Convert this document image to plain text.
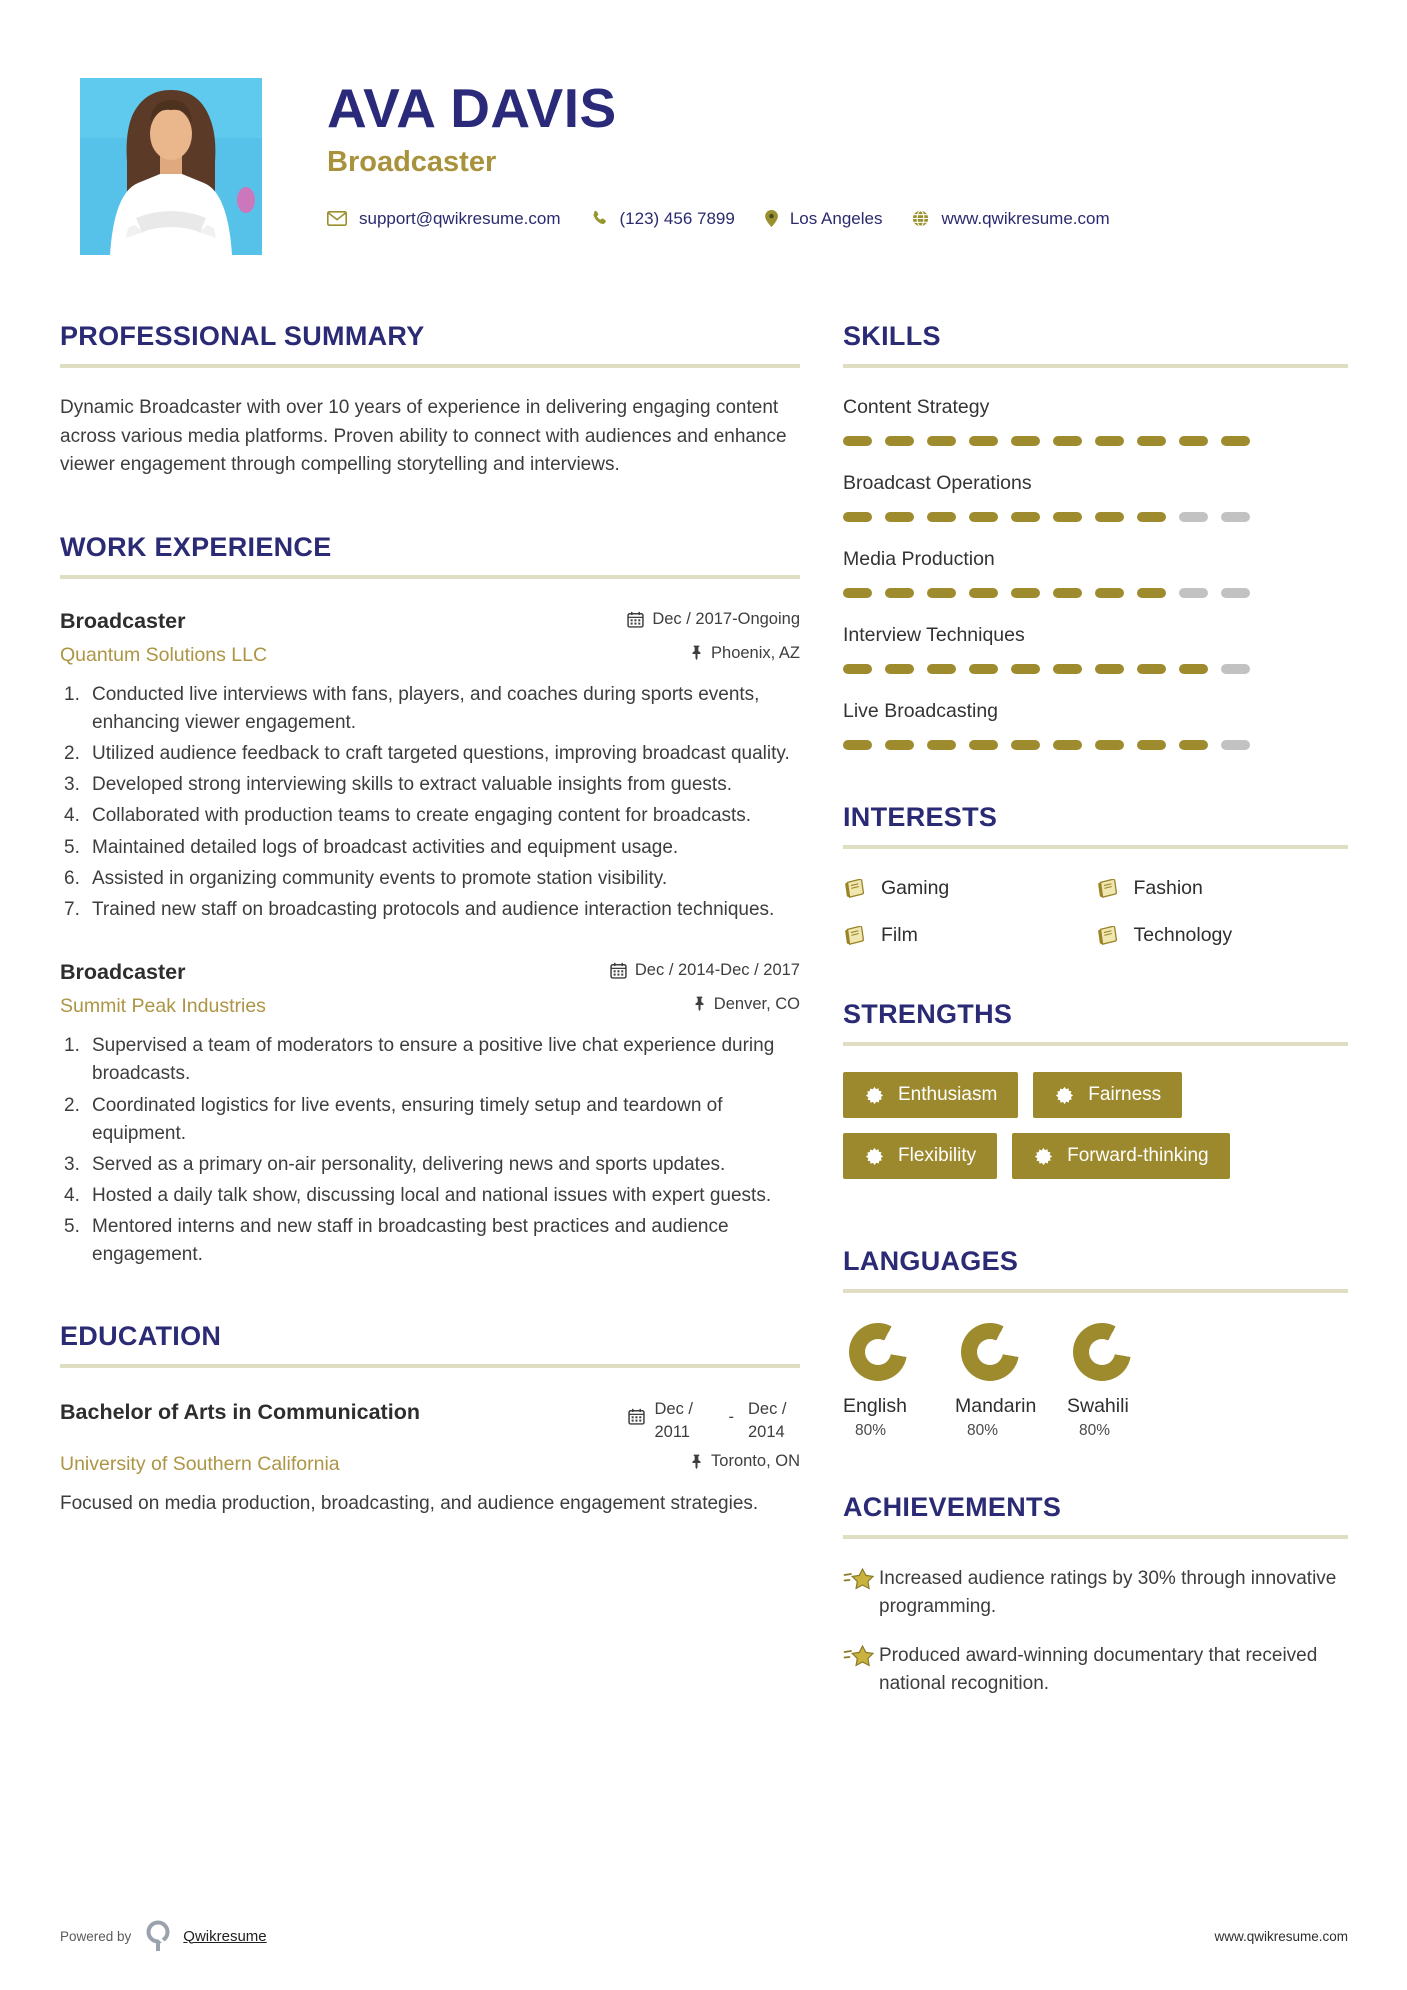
AVA DAVIS
Broadcaster
support@qwikresume.com	(123) 456 7899	Los Angeles	www.qwikresume.com
PROFESSIONAL SUMMARY

Dynamic Broadcaster with over 10 years of experience in delivering engaging content across various media platforms. Proven ability to connect with audiences and enhance viewer engagement through compelling storytelling and interviews.

WORK EXPERIENCE
Broadcaster	Dec / 2017-Ongoing
Quantum Solutions LLC	Phoenix, AZ
Conducted live interviews with fans, players, and coaches during sports events, enhancing viewer engagement.
Utilized audience feedback to craft targeted questions, improving broadcast quality.
Developed strong interviewing skills to extract valuable insights from guests.
Collaborated with production teams to create engaging content for broadcasts.
Maintained detailed logs of broadcast activities and equipment usage.
Assisted in organizing community events to promote station visibility.
Trained new staff on broadcasting protocols and audience interaction techniques.
Broadcaster	Dec / 2014-Dec / 2017
Summit Peak Industries	Denver, CO
Supervised a team of moderators to ensure a positive live chat experience during broadcasts.
Coordinated logistics for live events, ensuring timely setup and teardown of equipment.
Served as a primary on-air personality, delivering news and sports updates.
Hosted a daily talk show, discussing local and national issues with expert guests.
Mentored interns and new staff in broadcasting best practices and audience engagement.
EDUCATION
Bachelor of Arts in Communication	Dec / 2011
- Dec / 2014
University of Southern California	Toronto, ON

Focused on media production, broadcasting, and audience engagement strategies.

SKILLS
Content Strategy
Broadcast Operations
Media Production
Interview Techniques
Live Broadcasting
INTERESTS
Gaming	Fashion
Film	Technology
STRENGTHS
Enthusiasm	Fairness
Flexibility	Forward-thinking
LANGUAGES
English
80%
Mandarin
80%
Swahili
80%
ACHIEVEMENTS
Increased audience ratings by 30% through innovative programming.
Produced award-winning documentary that received national recognition.
Powered by	Qwikresume	www.qwikresume.com
